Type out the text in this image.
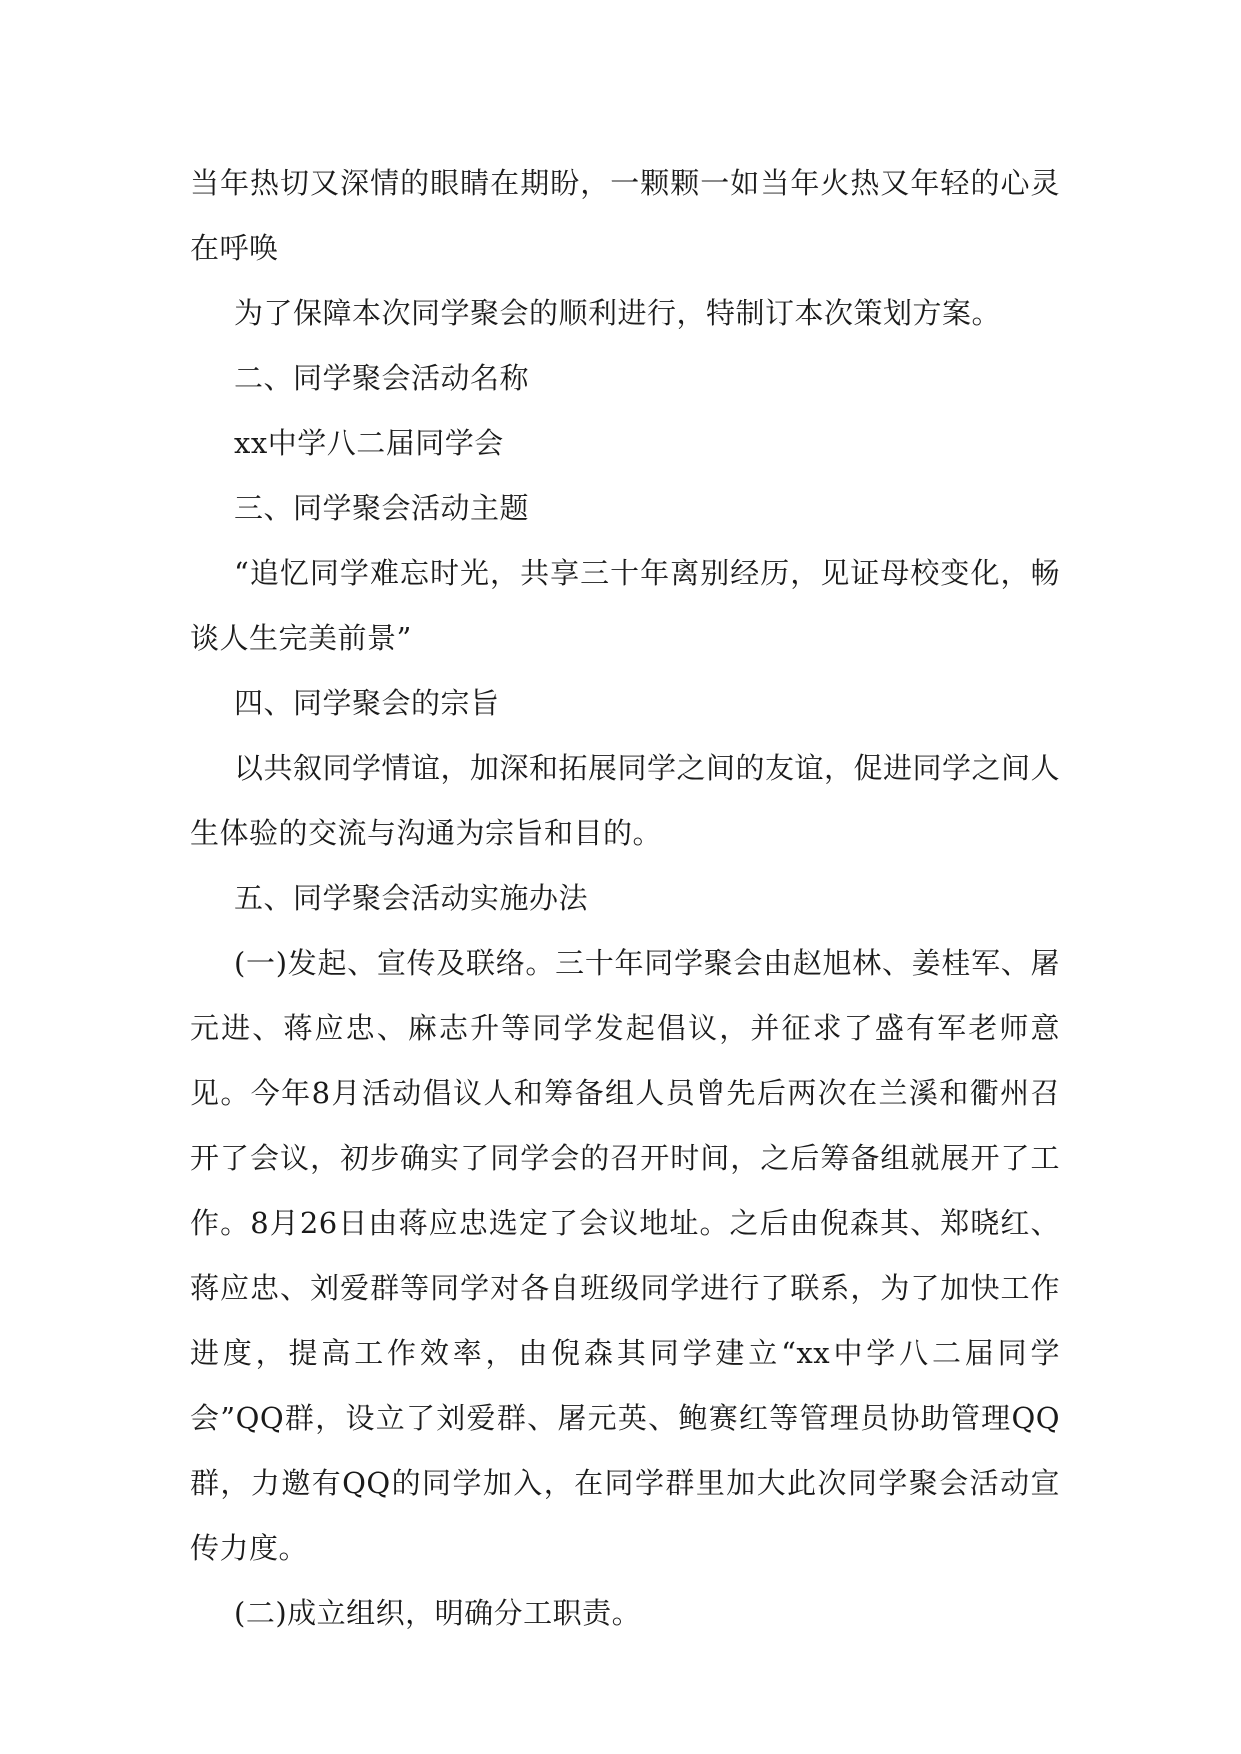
当年热切又深情的眼睛在期盼，一颗颗一如当年火热又年轻的心灵在呼唤

为了保障本次同学聚会的顺利进行，特制订本次策划方案。

二、同学聚会活动名称

xx中学八二届同学会

三、同学聚会活动主题

“追忆同学难忘时光，共享三十年离别经历，见证母校变化，畅谈人生完美前景”

四、同学聚会的宗旨

以共叙同学情谊，加深和拓展同学之间的友谊，促进同学之间人生体验的交流与沟通为宗旨和目的。

五、同学聚会活动实施办法

(一)发起、宣传及联络。三十年同学聚会由赵旭林、姜桂军、屠元进、蒋应忠、麻志升等同学发起倡议，并征求了盛有军老师意见。今年8月活动倡议人和筹备组人员曾先后两次在兰溪和衢州召开了会议，初步确实了同学会的召开时间，之后筹备组就展开了工作。8月26日由蒋应忠选定了会议地址。之后由倪森其、郑晓红、蒋应忠、刘爱群等同学对各自班级同学进行了联系，为了加快工作进度，提高工作效率，由倪森其同学建立“xx中学八二届同学会”QQ群，设立了刘爱群、屠元英、鲍赛红等管理员协助管理QQ群，力邀有QQ的同学加入，在同学群里加大此次同学聚会活动宣传力度。

(二)成立组织，明确分工职责。
